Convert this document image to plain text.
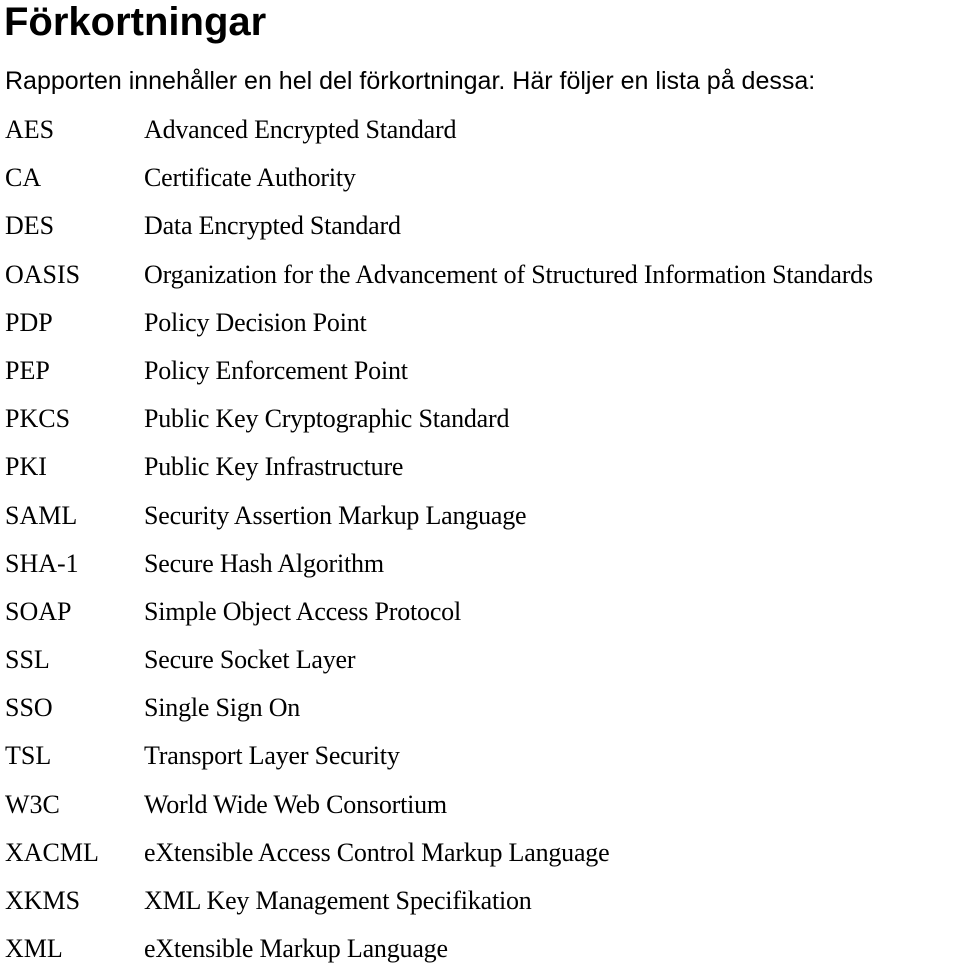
Förkortningar

Rapporten innehåller en hel del förkortningar. Här följer en lista på dessa:

AES	Advanced Encrypted Standard
CA	Certificate Authority
DES	Data Encrypted Standard
OASIS Organization for the Advancement of Structured Information Standards
PDP	Policy Decision Point
PEP	Policy Enforcement Point
PKCS	Public Key Cryptographic Standard
PKI	Public Key Infrastructure
SAML	Security Assertion Markup Language
SHA-1	Secure Hash Algorithm
SOAP	Simple Object Access Protocol
SSL	Secure Socket Layer
SSO	Single Sign On
TSL	Transport Layer Security
W3C	World Wide Web Consortium
XACML eXtensible Access Control Markup Language
XKMS XML Key Management Specifikation
XML	eXtensible Markup Language
